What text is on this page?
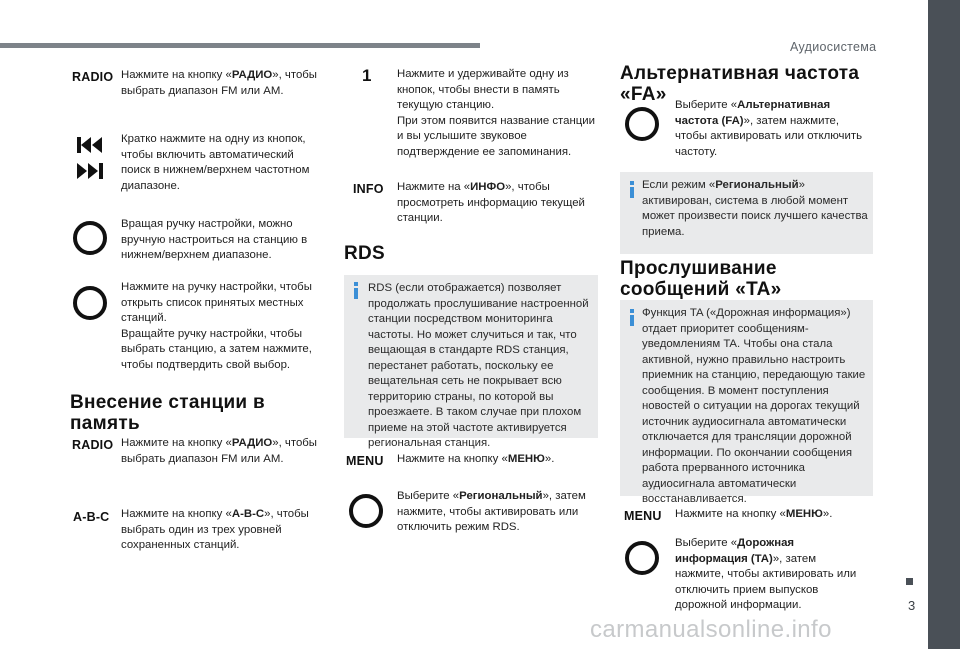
Аудиосистема
3
RADIO Нажмите на кнопку «РАДИО», чтобы выбрать диапазон FM или AM.
Кратко нажмите на одну из кнопок, чтобы включить автоматический поиск в нижнем/верхнем частотном диапазоне.
Вращая ручку настройки, можно вручную настроиться на станцию в нижнем/верхнем диапазоне.
Нажмите на ручку настройки, чтобы открыть список принятых местных станций.
Вращайте ручку настройки, чтобы выбрать станцию, а затем нажмите, чтобы подтвердить свой выбор.
Внесение станции в память
RADIO Нажмите на кнопку «РАДИО», чтобы выбрать диапазон FM или AM.
A-B-C Нажмите на кнопку «A-B-C», чтобы выбрать один из трех уровней сохраненных станций.
1 Нажмите и удерживайте одну из кнопок, чтобы внести в память текущую станцию.
При этом появится название станции и вы услышите звуковое подтверждение ее запоминания.
INFO Нажмите на «ИНФО», чтобы просмотреть информацию текущей станции.
RDS
RDS (если отображается) позволяет продолжать прослушивание настроенной станции посредством мониторинга частоты. Но может случиться и так, что вещающая в стандарте RDS станция, перестанет работать, поскольку ее вещательная сеть не покрывает всю территорию страны, по которой вы проезжаете. В таком случае при плохом приеме на этой частоте активируется региональная станция.
MENU Нажмите на кнопку «МЕНЮ».
Выберите «Региональный», затем нажмите, чтобы активировать или отключить режим RDS.
Альтернативная частота «FA» Выберите «Альтернативная частота (FA)», затем нажмите, чтобы активировать или отключить частоту.
Если режим «Региональный» активирован, система в любой момент может произвести поиск лучшего качества приема.
Прослушивание сообщений «TA»
Функция TA («Дорожная информация») отдает приоритет сообщениям-уведомлениям TA. Чтобы она стала активной, нужно правильно настроить приемник на станцию, передающую такие сообщения. В момент поступления новостей о ситуации на дорогах текущий источник аудиосигнала автоматически отключается для трансляции дорожной информации. По окончании сообщения работа прерванного источника аудиосигнала автоматически восстанавливается.
MENU Нажмите на кнопку «МЕНЮ».
Выберите «Дорожная информация (TA)», затем нажмите, чтобы активировать или отключить прием выпусков дорожной информации.
carmanualsonline.info
